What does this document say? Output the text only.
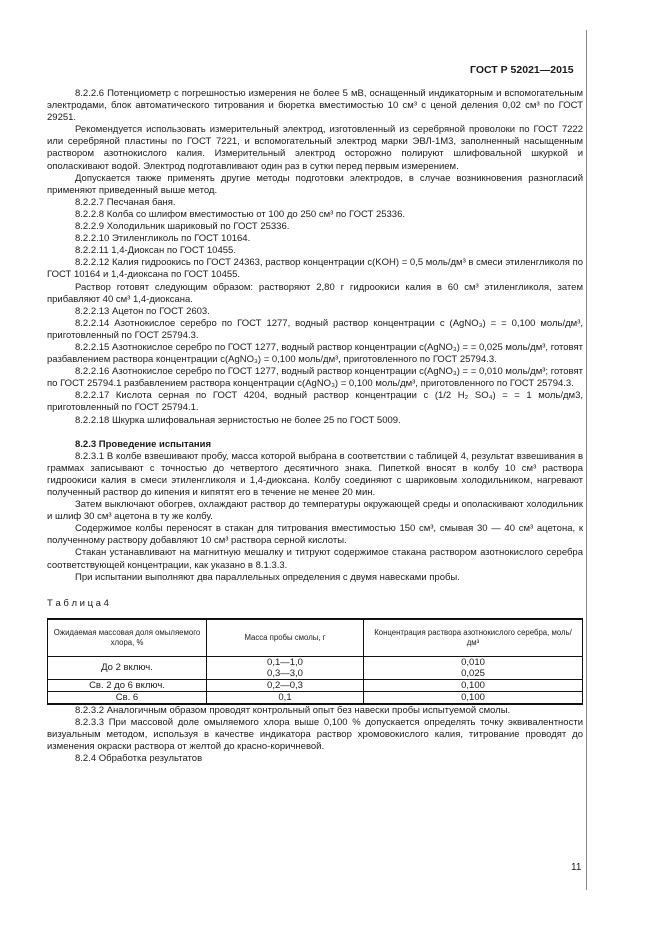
ГОСТ Р 52021—2015

8.2.2.6 Потенциометр с погрешностью измерения не более 5 мВ, оснащенный индикаторным и вспомогательным электродами, блок автоматического титрования и бюретка вместимостью 10 см³ с ценой деления 0,02 см³ по ГОСТ 29251.

Рекомендуется использовать измерительный электрод, изготовленный из серебряной проволоки по ГОСТ 7222 или серебряной пластины по ГОСТ 7221, и вспомогательный электрод марки ЭВЛ-1М3, заполненный насыщенным раствором азотнокислого калия. Измерительный электрод осторожно полируют шлифовальной шкуркой и ополаскивают водой. Электрод подготавливают один раз в сутки перед первым измерением.

Допускается также применять другие методы подготовки электродов, в случае возникновения разногласий применяют приведенный выше метод.

8.2.2.7 Песчаная баня.

8.2.2.8 Колба со шлифом вместимостью от 100 до 250 см³ по ГОСТ 25336.

8.2.2.9 Холодильник шариковый по ГОСТ 25336.

8.2.2.10 Этиленгликоль по ГОСТ 10164.

8.2.2.11 1,4-Диоксан по ГОСТ 10455.

8.2.2.12 Калия гидроокись по ГОСТ 24363, раствор концентрации c(KOH) = 0,5 моль/дм³ в смеси этиленгликоля по ГОСТ 10164 и 1,4-диоксана по ГОСТ 10455.

Раствор готовят следующим образом: растворяют 2,80 г гидроокиси калия в 60 см³ этиленгликоля, затем прибавляют 40 см³ 1,4-диоксана.

8.2.2.13 Ацетон по ГОСТ 2603.

8.2.2.14 Азотнокислое серебро по ГОСТ 1277, водный раствор концентрации c (AgNO₃) = = 0,100 моль/дм³, приготовленный по ГОСТ 25794.3.

8.2.2.15 Азотнокислое серебро по ГОСТ 1277, водный раствор концентрации c(AgNO₃) = = 0,025 моль/дм³, готовят разбавлением раствора концентрации c(AgNO₃) = 0,100 моль/дм³, приготовленного по ГОСТ 25794.3.

8.2.2.16 Азотнокислое серебро по ГОСТ 1277, водный раствор концентрации c(AgNO₃) = = 0,010 моль/дм³; готовят по ГОСТ 25794.1 разбавлением раствора концентрации c(AgNO₃) = 0,100 моль/дм³, приготовленного по ГОСТ 25794.3.

8.2.2.17 Кислота серная по ГОСТ 4204, водный раствор концентрации c (1/2 H₂ SO₄) = = 1 моль/дм3, приготовленный по ГОСТ 25794.1.

8.2.2.18 Шкурка шлифовальная зернистостью не более 25 по ГОСТ 5009.

8.2.3 Проведение испытания

8.2.3.1 В колбе взвешивают пробу, масса которой выбрана в соответствии с таблицей 4, результат взвешивания в граммах записывают с точностью до четвертого десятичного знака. Пипеткой вносят в колбу 10 см³ раствора гидроокиси калия в смеси этиленгликоля и 1,4-диоксана. Колбу соединяют с шариковым холодильником, нагревают полученный раствор до кипения и кипятят его в течение не менее 20 мин.

Затем выключают обогрев, охлаждают раствор до температуры окружающей среды и ополаскивают холодильник и шлиф 30 см³ ацетона в ту же колбу.

Содержимое колбы переносят в стакан для титрования вместимостью 150 см³, смывая 30 — 40 см³ ацетона, к полученному раствору добавляют 10 см³ раствора серной кислоты.

Стакан устанавливают на магнитную мешалку и титруют содержимое стакана раствором азотнокислого серебра соответствующей концентрации, как указано в 8.1.3.3.

При испытании выполняют два параллельных определения с двумя навесками пробы.

Т а б л и ц а 4

Ожидаемая массовая доля омыляемого хлора, %	Масса пробы смолы, г	Концентрация раствора азотнокислого серебра, моль/дм³
До 2 включ.	0,1—1,0	0,010
	0,3—3,0	0,025
Св. 2 до 6 включ.	0,2—0,3	0,100
Св. 6	0,1	0,100

8.2.3.2 Аналогичным образом проводят контрольный опыт без навески пробы испытуемой смолы.

8.2.3.3 При массовой доле омыляемого хлора выше 0,100 % допускается определять точку эквивалентности визуальным методом, используя в качестве индикатора раствор хромовокислого калия, титрование проводят до изменения окраски раствора от желтой до красно-коричневой.

8.2.4 Обработка результатов

11
